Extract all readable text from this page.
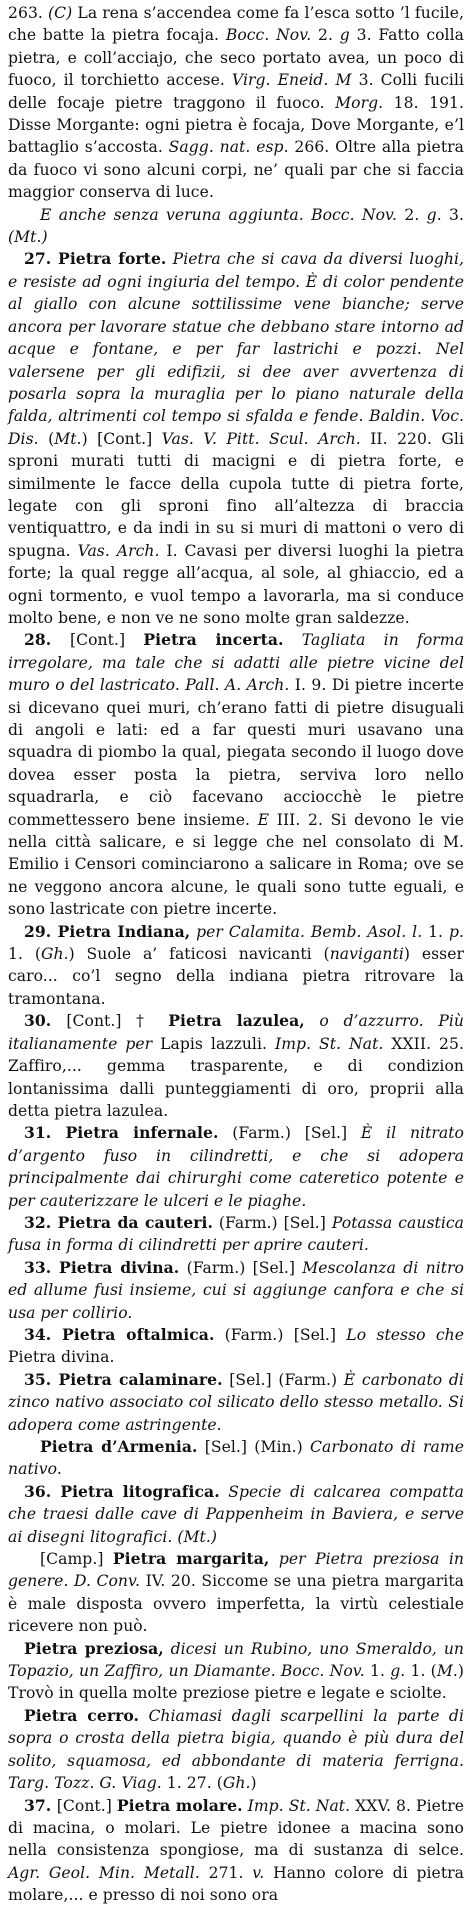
263. (C) La rena s’accendea come fa l’esca sotto ’l fucile, che batte la pietra focaja. Bocc. Nov. 2. g 3. Fatto colla pietra, e coll’acciajo, che seco portato avea, un poco di fuoco, il torchietto accese. Virg. Eneid. M 3. Colli fucili delle focaje pietre traggono il fuoco. Morg. 18. 191. Disse Morgante: ogni pietra è focaja, Dove Morgante, e’l battaglio s’accosta. Sagg. nat. esp. 266. Oltre alla pietra da fuoco vi sono alcuni corpi, ne’ quali par che si faccia maggior conserva di luce.

E anche senza veruna aggiunta. Bocc. Nov. 2. g. 3. (Mt.)

27. Pietra forte. Pietra che si cava da diversi luoghi, e resiste ad ogni ingiuria del tempo. È di color pendente al giallo con alcune sottilissime vene bianche; serve ancora per lavorare statue che debbano stare intorno ad acque e fontane, e per far lastrichi e pozzi. Nel valersene per gli edifizii, si dee aver avvertenza di posarla sopra la muraglia per lo piano naturale della falda, altrimenti col tempo si sfalda e fende. Baldin. Voc. Dis. (Mt.) [Cont.] Vas. V. Pitt. Scul. Arch. II. 220. Gli sproni murati tutti di macigni e di pietra forte, e similmente le facce della cupola tutte di pietra forte, legate con gli sproni fino all’altezza di braccia ventiquattro, e da indi in su si muri di mattoni o vero di spugna. Vas. Arch. I. Cavasi per diversi luoghi la pietra forte; la qual regge all’acqua, al sole, al ghiaccio, ed a ogni tormento, e vuol tempo a lavorarla, ma si conduce molto bene, e non ve ne sono molte gran saldezze.

28. [Cont.] Pietra incerta. Tagliata in forma irregolare, ma tale che si adatti alle pietre vicine del muro o del lastricato. Pall. A. Arch. I. 9. Di pietre incerte si dicevano quei muri, ch’erano fatti di pietre disuguali di angoli e lati: ed a far questi muri usavano una squadra di piombo la qual, piegata secondo il luogo dove dovea esser posta la pietra, serviva loro nello squadrarla, e ciò facevano acciocchè le pietre commettessero bene insieme. E III. 2. Si devono le vie nella città salicare, e si legge che nel consolato di M. Emilio i Censori cominciarono a salicare in Roma; ove se ne veggono ancora alcune, le quali sono tutte eguali, e sono lastricate con pietre incerte.

29. Pietra Indiana, per Calamita. Bemb. Asol. l. 1. p. 1. (Gh.) Suole a’ faticosi navicanti (naviganti) esser caro... co’l segno della indiana pietra ritrovare la tramontana.

30. [Cont.] † Pietra lazulea, o d’azzurro. Più italianamente per Lapis lazzuli. Imp. St. Nat. XXII. 25. Zaffiro,... gemma trasparente, e di condizion lontanissima dalli punteggiamenti di oro, proprii alla detta pietra lazulea.

31. Pietra infernale. (Farm.) [Sel.] È il nitrato d’argento fuso in cilindretti, e che si adopera principalmente dai chirurghi come cateretico potente e per cauterizzare le ulceri e le piaghe.

32. Pietra da cauteri. (Farm.) [Sel.] Potassa caustica fusa in forma di cilindretti per aprire cauteri.

33. Pietra divina. (Farm.) [Sel.] Mescolanza di nitro ed allume fusi insieme, cui si aggiunge canfora e che si usa per collirio.

34. Pietra oftalmica. (Farm.) [Sel.] Lo stesso che Pietra divina.

35. Pietra calaminare. [Sel.] (Farm.) È carbonato di zinco nativo associato col silicato dello stesso metallo. Si adopera come astringente.

Pietra d’Armenia. [Sel.] (Min.) Carbonato di rame nativo.

36. Pietra litografica. Specie di calcarea compatta che traesi dalle cave di Pappenheim in Baviera, e serve ai disegni litografici. (Mt.)

[Camp.] Pietra margarita, per Pietra preziosa in genere. D. Conv. IV. 20. Siccome se una pietra margarita è male disposta ovvero imperfetta, la virtù celestiale ricevere non può.

Pietra preziosa, dicesi un Rubino, uno Smeraldo, un Topazio, un Zaffiro, un Diamante. Bocc. Nov. 1. g. 1. (M.) Trovò in quella molte preziose pietre e legate e sciolte.

Pietra cerro. Chiamasi dagli scarpellini la parte di sopra o crosta della pietra bigia, quando è più dura del solito, squamosa, ed abbondante di materia ferrigna. Targ. Tozz. G. Viag. 1. 27. (Gh.)

37. [Cont.] Pietra molare. Imp. St. Nat. XXV. 8. Pietre di macina, o molari. Le pietre idonee a macina sono nella consistenza spongiose, ma di sustanza di selce. Agr. Geol. Min. Metall. 271. v. Hanno colore di pietra molare,... e presso di noi sono ora
